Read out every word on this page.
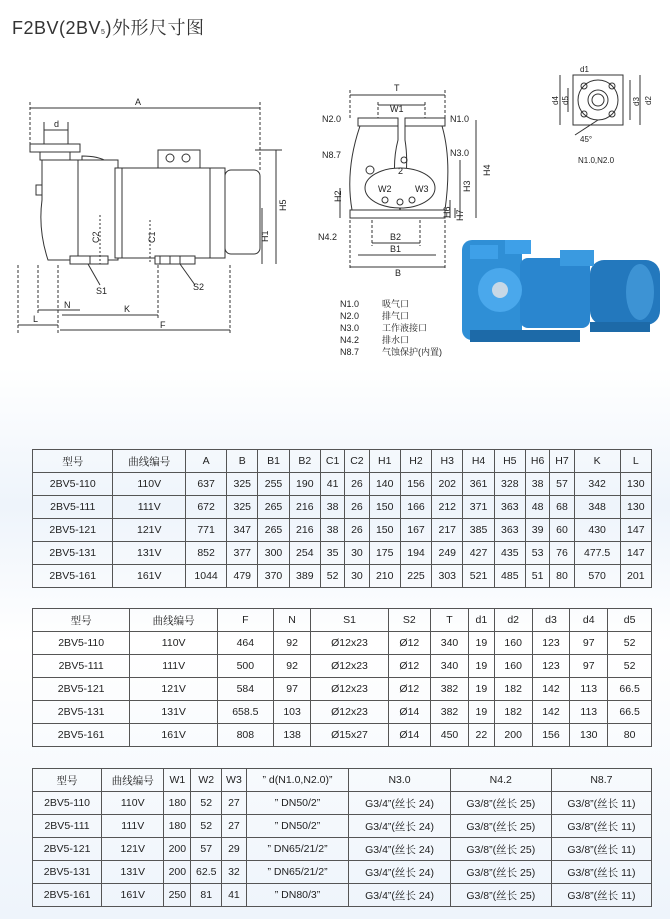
F2BV(2BV5)外形尺寸图
A
d
C2	C1
H5
H1
S1	S2
N	K
L
F
T
W1
N2.0	N1.0
N8.7	N3.0
H2
H4
W2	W3
2
H3
H6 H7
N4.2	B2
B1
B
d1
d4 d5	d3 d2
45°
N1.0,N2.0
N1.0	吸气口
N2.0	排气口
N3.0	工作液接口
N4.2	排水口
N8.7	气蚀保护(内置)
型号	曲线编号	A	B	B1	B2	C1	C2	H1	H2	H3	H4	H5	H6	H7	K	L
2BV5-110	110V	637	325	255	190	41	26	140	156	202	361	328	38	57	342	130
2BV5-111	111V	672	325	265	216	38	26	150	166	212	371	363	48	68	348	130
2BV5-121	121V	771	347	265	216	38	26	150	167	217	385	363	39	60	430	147
2BV5-131	131V	852	377	300	254	35	30	175	194	249	427	435	53	76	477.5	147
2BV5-161	161V	1044	479	370	389	52	30	210	225	303	521	485	51	80	570	201
型号	曲线编号	F	N	S1	S2	T	d1	d2	d3	d4	d5
2BV5-110	110V	464	92	Ø12x23	Ø12	340	19	160	123	97	52
2BV5-111	111V	500	92	Ø12x23	Ø12	340	19	160	123	97	52
2BV5-121	121V	584	97	Ø12x23	Ø12	382	19	182	142	113	66.5
2BV5-131	131V	658.5	103	Ø12x23	Ø14	382	19	182	142	113	66.5
2BV5-161	161V	808	138	Ø15x27	Ø14	450	22	200	156	130	80
型号	曲线编号	W1	W2	W3	” d(N1.0,N2.0)”	N3.0	N4.2	N8.7
2BV5-110	110V	180	52	27	” DN50/2”	G3/4”(丝长 24)	G3/8”(丝长 25)	G3/8”(丝长 11)
2BV5-111	111V	180	52	27	” DN50/2”	G3/4”(丝长 24)	G3/8”(丝长 25)	G3/8”(丝长 11)
2BV5-121	121V	200	57	29	” DN65/21/2”	G3/4”(丝长 24)	G3/8”(丝长 25)	G3/8”(丝长 11)
2BV5-131	131V	200	62.5	32	” DN65/21/2”	G3/4”(丝长 24)	G3/8”(丝长 25)	G3/8”(丝长 11)
2BV5-161	161V	250	81	41	” DN80/3”	G3/4”(丝长 24)	G3/8”(丝长 25)	G3/8”(丝长 11)
